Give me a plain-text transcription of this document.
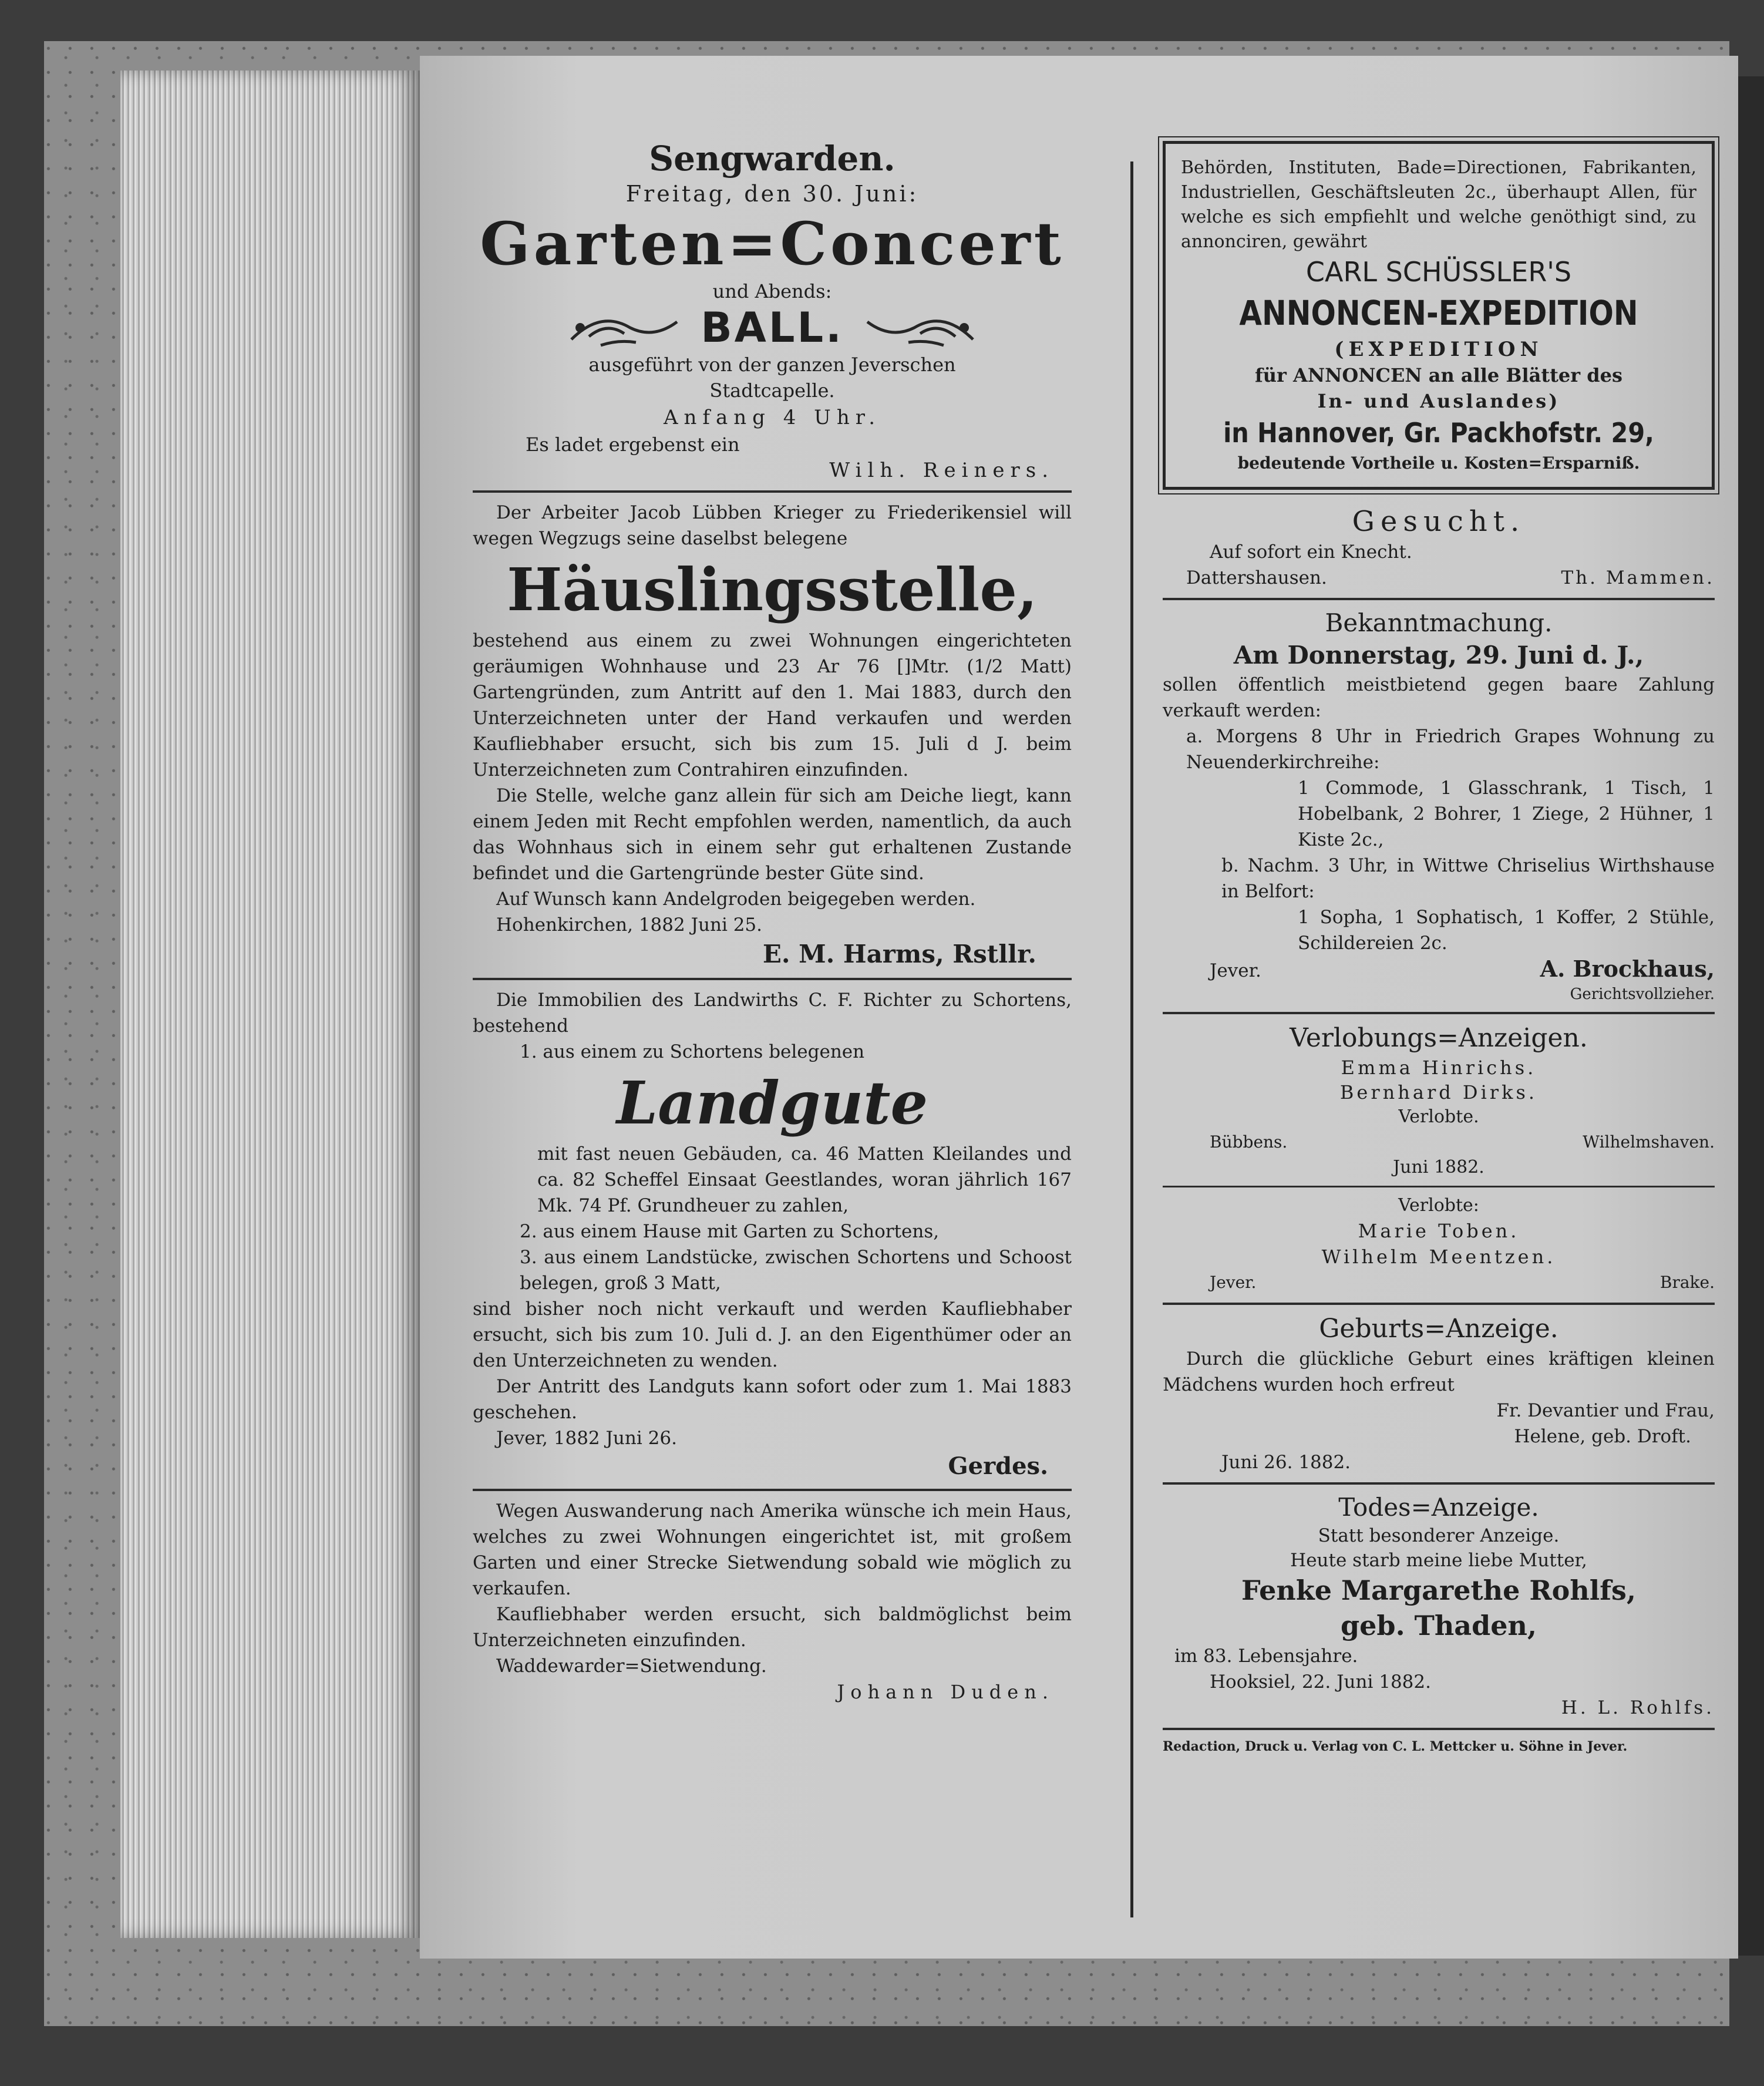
Sengwarden.
Freitag, den 30. Juni:
Garten=Concert
und Abends:
BALL.
ausgeführt von der ganzen Jeverschen Stadtcapelle.
Anfang 4 Uhr.
Es ladet ergebenst ein
Wilh. Reiners.

Der Arbeiter Jacob Lübben Krieger zu Friederikensiel will wegen Wegzugs seine daselbst belegene

Häuslingsstelle,

bestehend aus einem zu zwei Wohnungen eingerichteten geräumigen Wohnhause und 23 Ar 76 []Mtr. (1/2 Matt) Gartengründen, zum Antritt auf den 1. Mai 1883, durch den Unterzeichneten unter der Hand verkaufen und werden Kaufliebhaber ersucht, sich bis zum 15. Juli d J. beim Unterzeichneten zum Contrahiren einzufinden.

Die Stelle, welche ganz allein für sich am Deiche liegt, kann einem Jeden mit Recht empfohlen werden, namentlich, da auch das Wohnhaus sich in einem sehr gut erhaltenen Zustande befindet und die Gartengründe bester Güte sind.

Auf Wunsch kann Andelgroden beigegeben werden.

Hohenkirchen, 1882 Juni 25.

E. M. Harms, Rstllr.

Die Immobilien des Landwirths C. F. Richter zu Schortens, bestehend

1. aus einem zu Schortens belegenen

Landgute

mit fast neuen Gebäuden, ca. 46 Matten Kleilandes und ca. 82 Scheffel Einsaat Geestlandes, woran jährlich 167 Mk. 74 Pf. Grundheuer zu zahlen,

2. aus einem Hause mit Garten zu Schortens,

3. aus einem Landstücke, zwischen Schortens und Schoost belegen, groß 3 Matt,

sind bisher noch nicht verkauft und werden Kaufliebhaber ersucht, sich bis zum 10. Juli d. J. an den Eigenthümer oder an den Unterzeichneten zu wenden.

Der Antritt des Landguts kann sofort oder zum 1. Mai 1883 geschehen.

Jever, 1882 Juni 26.

Gerdes.

Wegen Auswanderung nach Amerika wünsche ich mein Haus, welches zu zwei Wohnungen eingerichtet ist, mit großem Garten und einer Strecke Sietwendung sobald wie möglich zu verkaufen.

Kaufliebhaber werden ersucht, sich baldmöglichst beim Unterzeichneten einzufinden.

Waddewarder=Sietwendung.

Johann Duden.

Behörden, Instituten, Bade=Directionen, Fabrikanten, Industriellen, Geschäftsleuten 2c., überhaupt Allen, für welche es sich empfiehlt und welche genöthigt sind, zu annonciren, gewährt

CARL SCHÜSSLER'S
ANNONCEN-EXPEDITION
(EXPEDITION
für ANNONCEN an alle Blätter des
In- und Auslandes)
in Hannover, Gr. Packhofstr. 29,
bedeutende Vortheile u. Kosten=Ersparniß.
Gesucht.

Auf sofort ein Knecht.

Dattershausen.	Th. Mammen.
Bekanntmachung.
Am Donnerstag, 29. Juni d. J.,

sollen öffentlich meistbietend gegen baare Zahlung verkauft werden:

a. Morgens 8 Uhr in Friedrich Grapes Wohnung zu Neuenderkirchreihe:

1 Commode, 1 Glasschrank, 1 Tisch, 1 Hobelbank, 2 Bohrer, 1 Ziege, 2 Hühner, 1 Kiste 2c.,

b. Nachm. 3 Uhr, in Wittwe Chriselius Wirthshause in Belfort:

1 Sopha, 1 Sophatisch, 1 Koffer, 2 Stühle, Schildereien 2c.

Jever.	A. Brockhaus,
Gerichtsvollzieher.
Verlobungs=Anzeigen.
Emma Hinrichs.
Bernhard Dirks.
Verlobte.
Bübbens.	Wilhelmshaven.
Juni 1882.
Verlobte:
Marie Toben.
Wilhelm Meentzen.
Jever.	Brake.
Geburts=Anzeige.

Durch die glückliche Geburt eines kräftigen kleinen Mädchens wurden hoch erfreut

Fr. Devantier und Frau,
Helene, geb. Droft.
Juni 26. 1882.
Todes=Anzeige.
Statt besonderer Anzeige.
Heute starb meine liebe Mutter,
Fenke Margarethe Rohlfs,
geb. Thaden,
im 83. Lebensjahre.
Hooksiel, 22. Juni 1882.
H. L. Rohlfs.
Redaction, Druck u. Verlag von C. L. Mettcker u. Söhne in Jever.
